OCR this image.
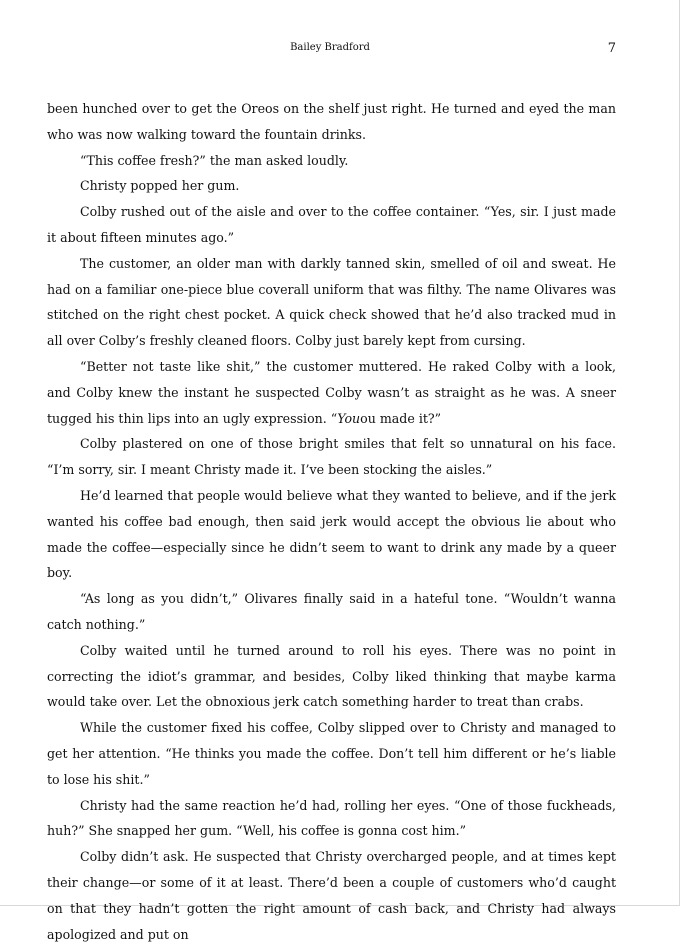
Bailey Bradford	7

been hunched over to get the Oreos on the shelf just right. He turned and eyed the man who was now walking toward the fountain drinks.

“This coffee fresh?” the man asked loudly.

Christy popped her gum.

Colby rushed out of the aisle and over to the coffee container. “Yes, sir. I just made it about fifteen minutes ago.”

The customer, an older man with darkly tanned skin, smelled of oil and sweat. He had on a familiar one-piece blue coverall uniform that was filthy. The name Olivares was stitched on the right chest pocket. A quick check showed that he’d also tracked mud in all over Colby’s freshly cleaned floors. Colby just barely kept from cursing.

“Better not taste like shit,” the customer muttered. He raked Colby with a look, and Colby knew the instant he suspected Colby wasn’t as straight as he was. A sneer tugged his thin lips into an ugly expression. “Youou made it?”

Colby plastered on one of those bright smiles that felt so unnatural on his face. “I’m sorry, sir. I meant Christy made it. I’ve been stocking the aisles.”

He’d learned that people would believe what they wanted to believe, and if the jerk wanted his coffee bad enough, then said jerk would accept the obvious lie about who made the coffee—especially since he didn’t seem to want to drink any made by a queer boy.

“As long as you didn’t,” Olivares finally said in a hateful tone. “Wouldn’t wanna catch nothing.”

Colby waited until he turned around to roll his eyes. There was no point in correcting the idiot’s grammar, and besides, Colby liked thinking that maybe karma would take over. Let the obnoxious jerk catch something harder to treat than crabs.

While the customer fixed his coffee, Colby slipped over to Christy and managed to get her attention. “He thinks you made the coffee. Don’t tell him different or he’s liable to lose his shit.”

Christy had the same reaction he’d had, rolling her eyes. “One of those fuckheads, huh?” She snapped her gum. “Well, his coffee is gonna cost him.”

Colby didn’t ask. He suspected that Christy overcharged people, and at times kept their change—or some of it at least. There’d been a couple of customers who’d caught on that they hadn’t gotten the right amount of cash back, and Christy had always apologized and put on
